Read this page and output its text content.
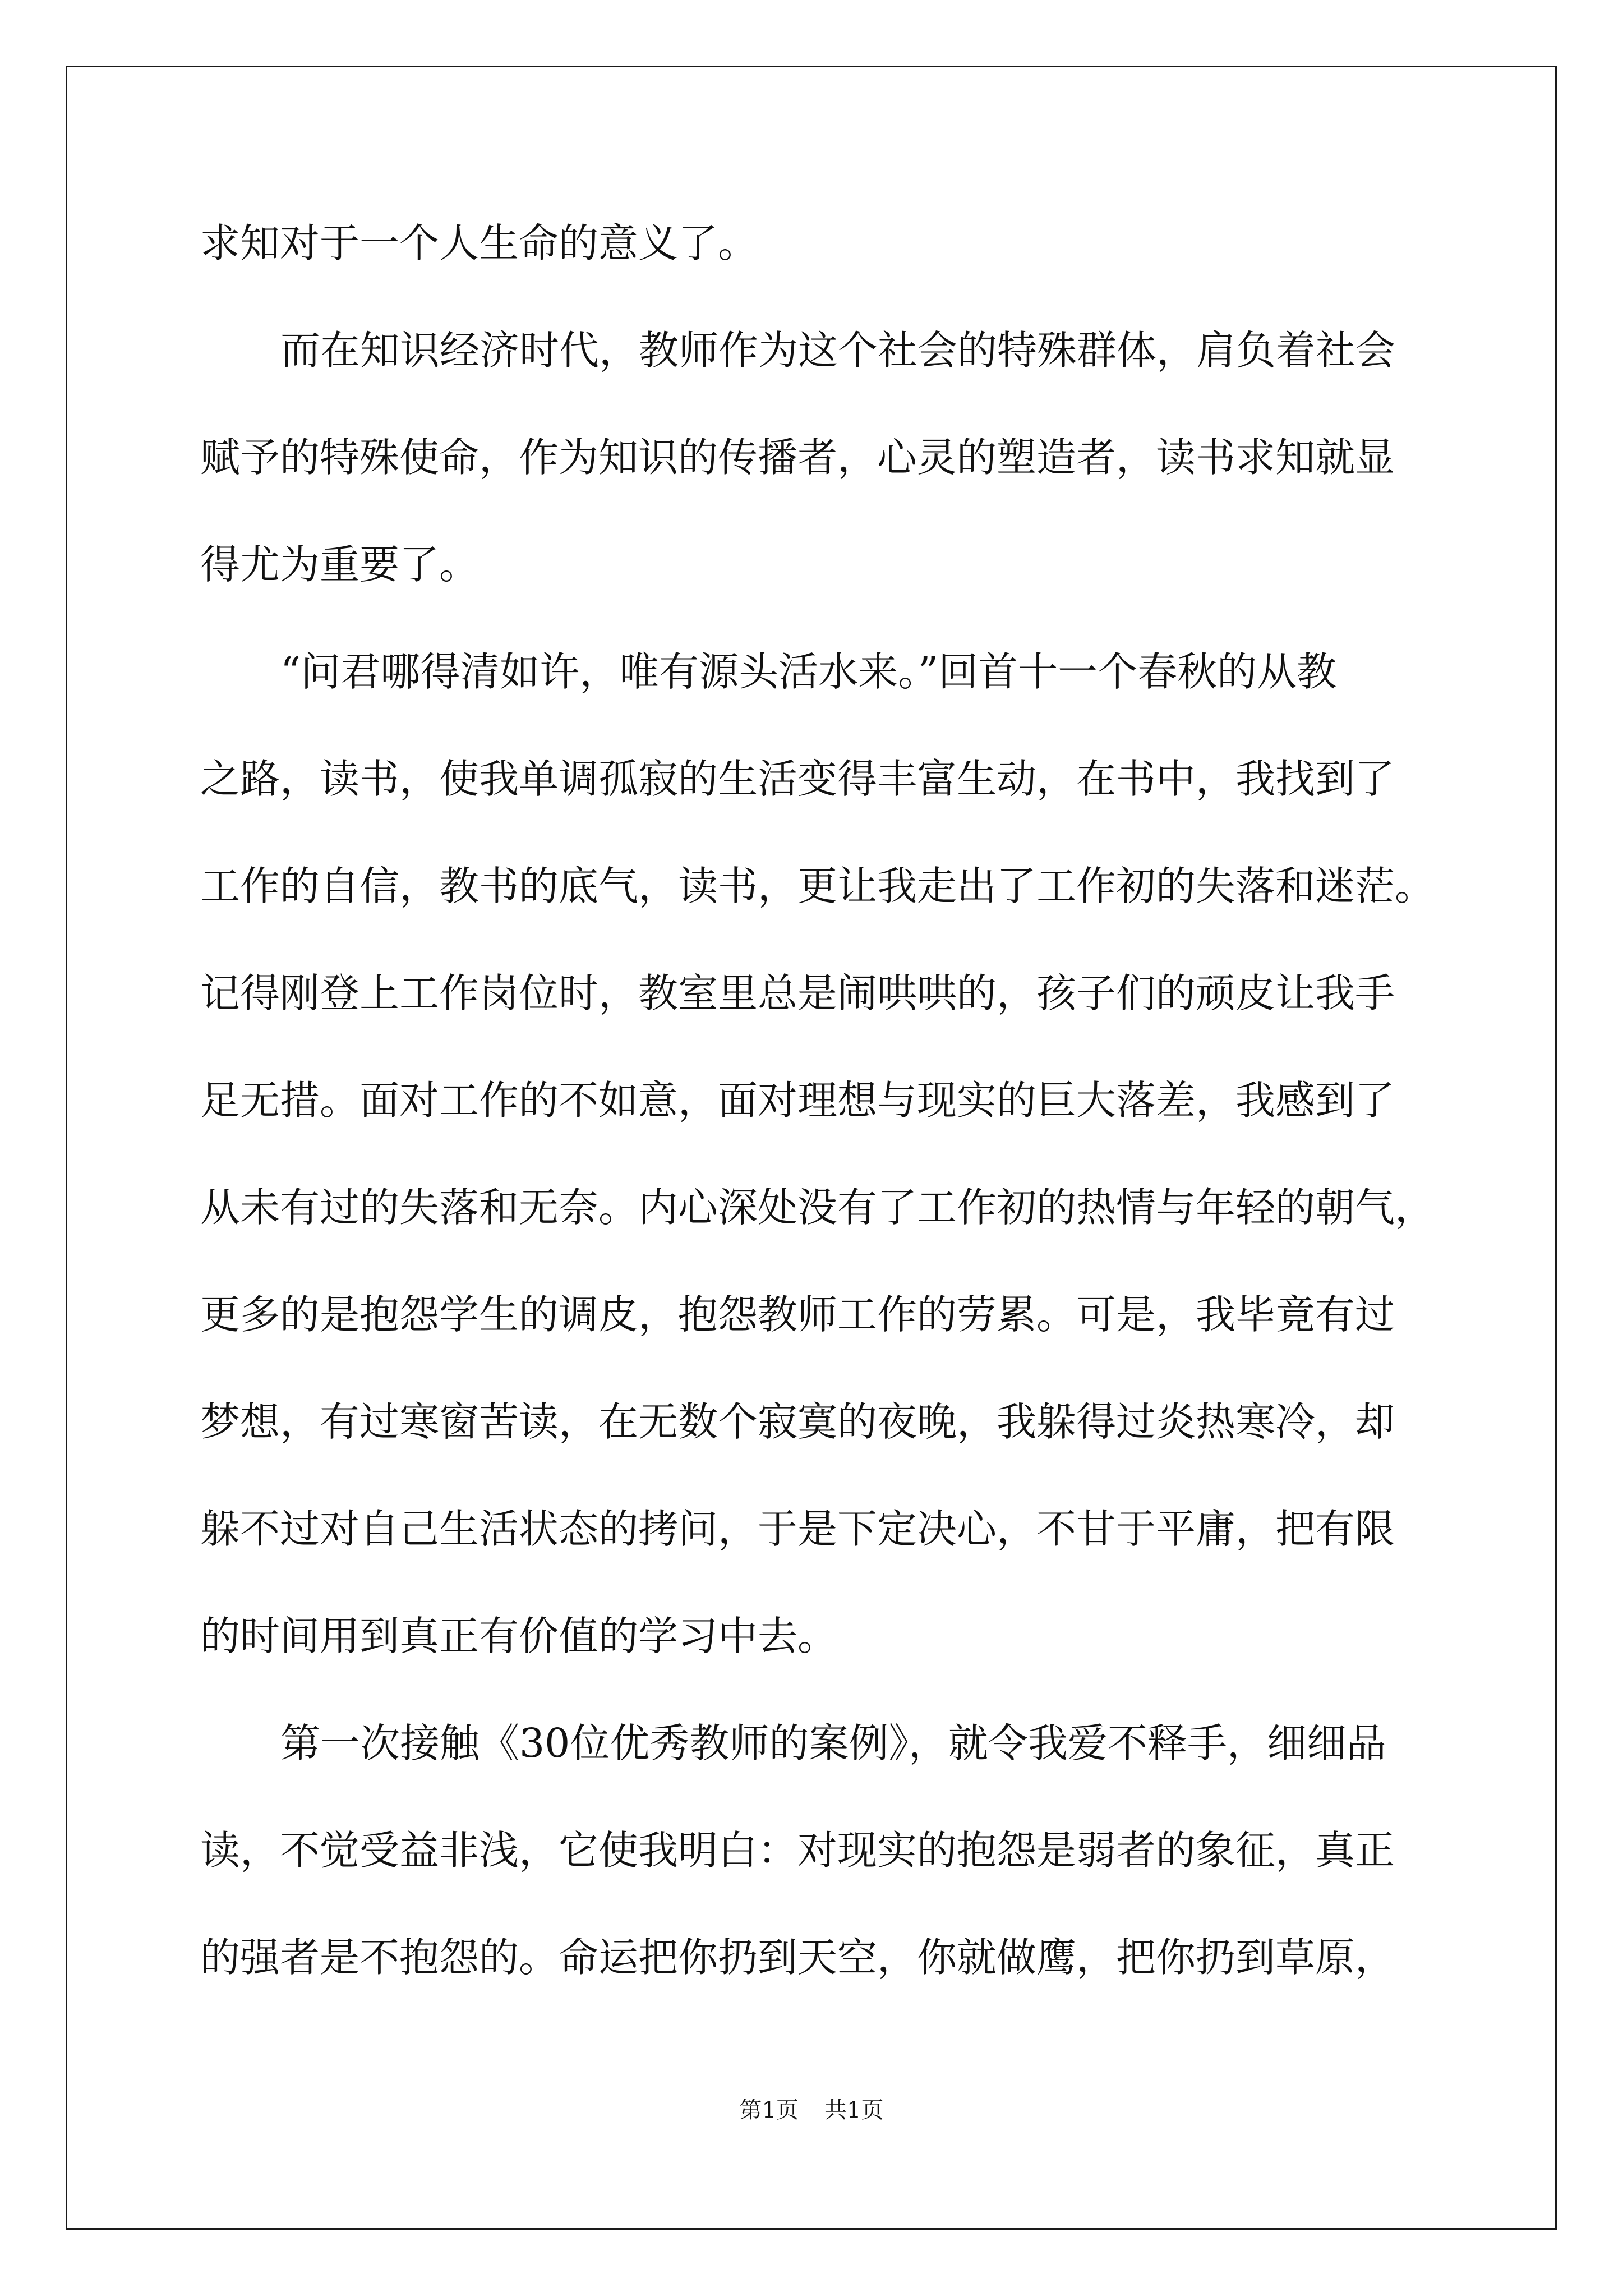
求知对于一个人生命的意义了。
而在知识经济时代，教师作为这个社会的特殊群体，肩负着社会
赋予的特殊使命，作为知识的传播者，心灵的塑造者，读书求知就显
得尤为重要了。
“问君哪得清如许，唯有源头活水来。”回首十一个春秋的从教
之路，读书，使我单调孤寂的生活变得丰富生动，在书中，我找到了
工作的自信，教书的底气，读书，更让我走出了工作初的失落和迷茫。
记得刚登上工作岗位时，教室里总是闹哄哄的，孩子们的顽皮让我手
足无措。面对工作的不如意，面对理想与现实的巨大落差，我感到了
从未有过的失落和无奈。内心深处没有了工作初的热情与年轻的朝气，
更多的是抱怨学生的调皮，抱怨教师工作的劳累。可是，我毕竟有过
梦想，有过寒窗苦读，在无数个寂寞的夜晚，我躲得过炎热寒冷，却
躲不过对自己生活状态的拷问，于是下定决心，不甘于平庸，把有限
的时间用到真正有价值的学习中去。
第一次接触《30位优秀教师的案例》，就令我爱不释手，细细品
读，不觉受益非浅，它使我明白：对现实的抱怨是弱者的象征，真正
的强者是不抱怨的。命运把你扔到天空，你就做鹰，把你扔到草原，
第1页 共1页
